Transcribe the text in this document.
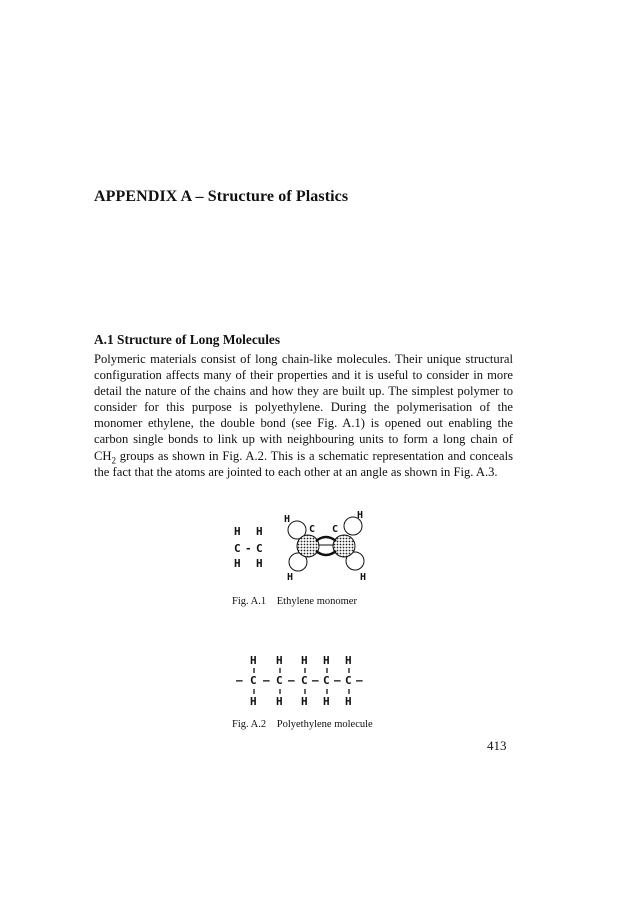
APPENDIX A – Structure of Plastics
A.1 Structure of Long Molecules

Polymeric materials consist of long chain-like molecules. Their unique structural configuration affects many of their properties and it is useful to consider in more detail the nature of the chains and how they are built up. The simplest polymer to consider for this purpose is polyethylene. During the polymerisation of the monomer ethylene, the double bond (see Fig. A.1) is opened out enabling the carbon single bonds to link up with neighbouring units to form a long chain of $CH_2$ groups as shown in Fig. A.2. This is a schematic representation and conceals the fact that the atoms are jointed to each other at an angle as shown in Fig. A.3.

H H
C - C
H H
H
C C
H
H	H
H H H H H
– C – C – C – C – C –
H H H H H

Fig. A.1 Ethylene monomer

Fig. A.2 Polyethylene molecule

413
